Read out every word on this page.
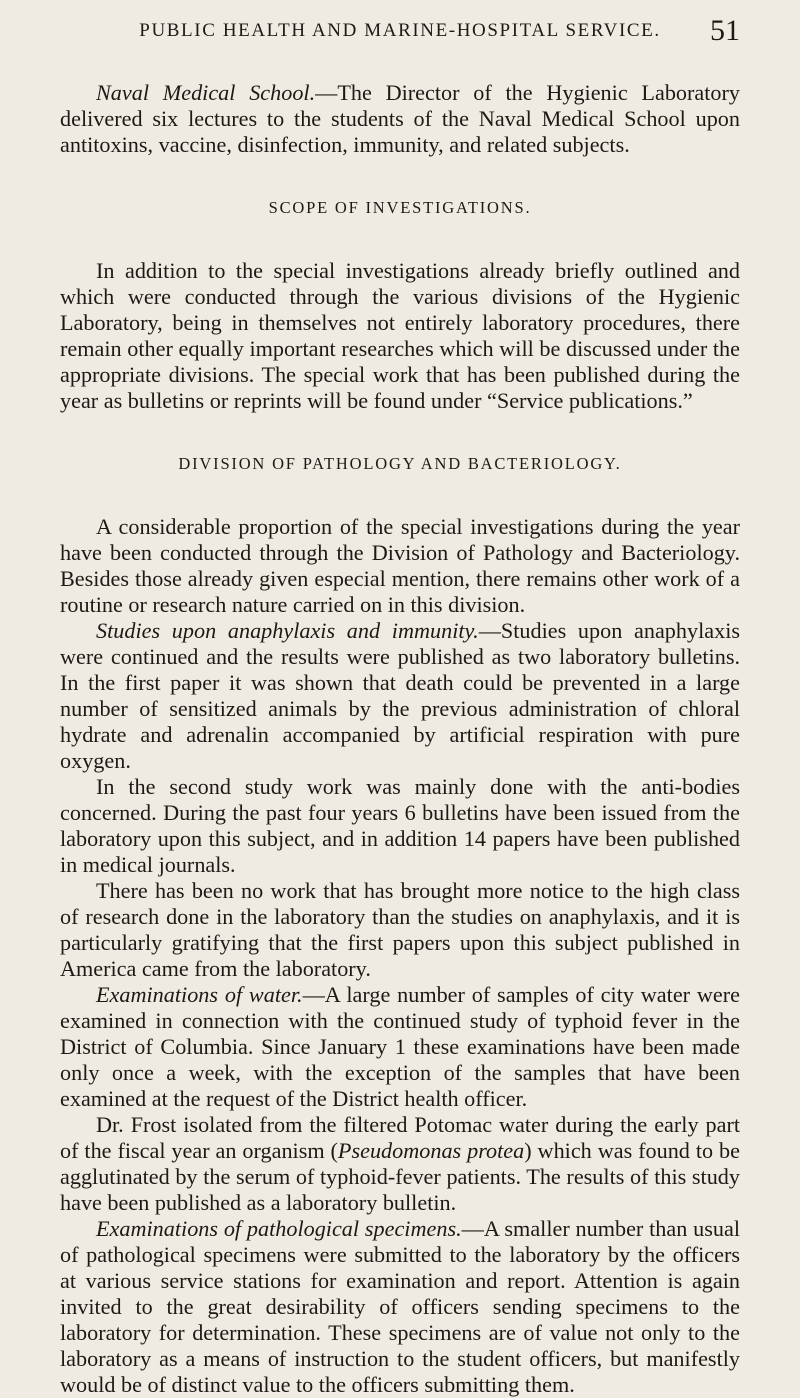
PUBLIC HEALTH AND MARINE-HOSPITAL SERVICE. 51

Naval Medical School.—The Director of the Hygienic Laboratory delivered six lectures to the students of the Naval Medical School upon antitoxins, vaccine, disinfection, immunity, and related subjects.

SCOPE OF INVESTIGATIONS.

In addition to the special investigations already briefly outlined and which were conducted through the various divisions of the Hygienic Laboratory, being in themselves not entirely laboratory procedures, there remain other equally important researches which will be discussed under the appropriate divisions. The special work that has been published during the year as bulletins or reprints will be found under “Service publications.”

DIVISION OF PATHOLOGY AND BACTERIOLOGY.

A considerable proportion of the special investigations during the year have been conducted through the Division of Pathology and Bacteriology. Besides those already given especial mention, there remains other work of a routine or research nature carried on in this division.

Studies upon anaphylaxis and immunity.—Studies upon anaphylaxis were continued and the results were published as two laboratory bulletins. In the first paper it was shown that death could be prevented in a large number of sensitized animals by the previous administration of chloral hydrate and adrenalin accompanied by artificial respiration with pure oxygen.

In the second study work was mainly done with the anti-bodies concerned. During the past four years 6 bulletins have been issued from the laboratory upon this subject, and in addition 14 papers have been published in medical journals.

There has been no work that has brought more notice to the high class of research done in the laboratory than the studies on anaphylaxis, and it is particularly gratifying that the first papers upon this subject published in America came from the laboratory.

Examinations of water.—A large number of samples of city water were examined in connection with the continued study of typhoid fever in the District of Columbia. Since January 1 these examinations have been made only once a week, with the exception of the samples that have been examined at the request of the District health officer.

Dr. Frost isolated from the filtered Potomac water during the early part of the fiscal year an organism (Pseudomonas protea) which was found to be agglutinated by the serum of typhoid-fever patients. The results of this study have been published as a laboratory bulletin.

Examinations of pathological specimens.—A smaller number than usual of pathological specimens were submitted to the laboratory by the officers at various service stations for examination and report. Attention is again invited to the great desirability of officers sending specimens to the laboratory for determination. These specimens are of value not only to the laboratory as a means of instruction to the student officers, but manifestly would be of distinct value to the officers submitting them.
